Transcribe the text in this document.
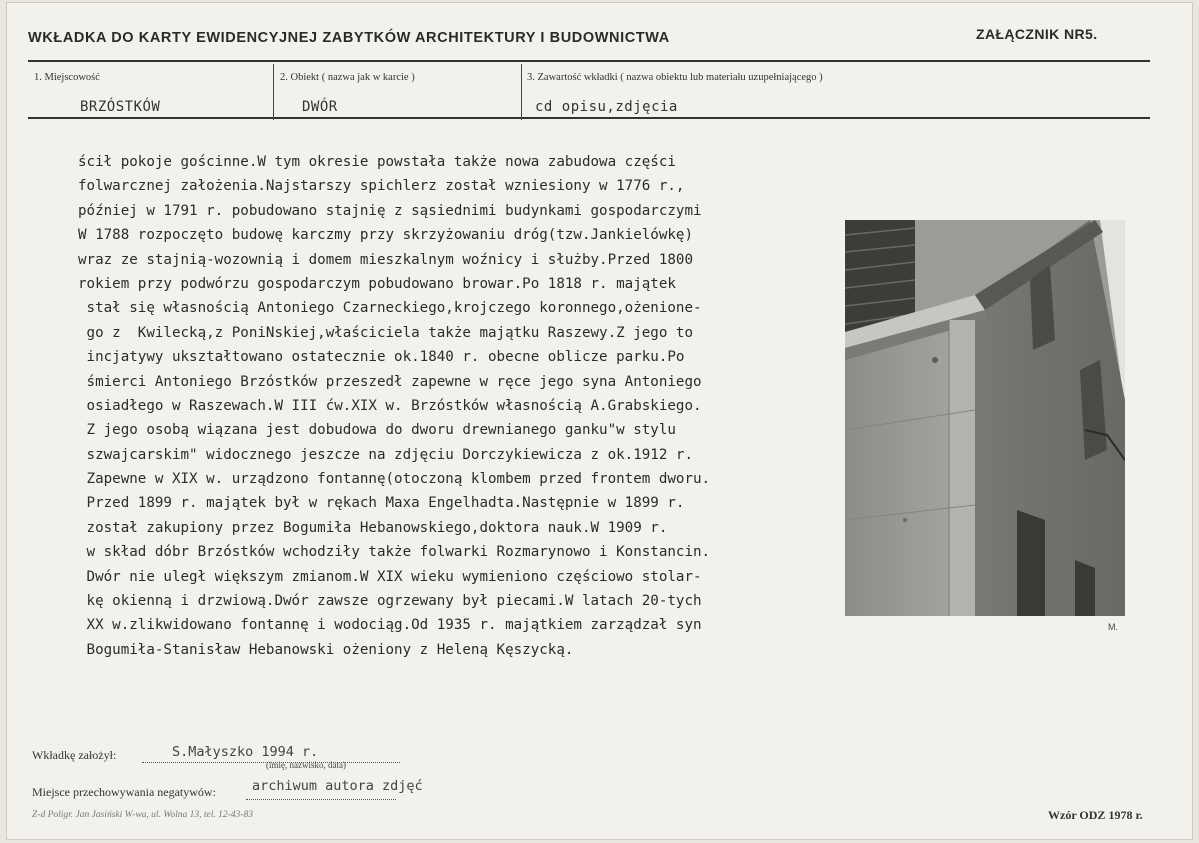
WKŁADKA DO KARTY EWIDENCYJNEJ ZABYTKÓW ARCHITEKTURY I BUDOWNICTWA	ZAŁĄCZNIK NR5.
1. Miejscowość
BRZÓSTKÓW
2. Obiekt ( nazwa jak w karcie )
DWÓR
3. Zawartość wkładki ( nazwa obiektu lub materiału uzupełniającego )
cd opisu,zdjęcia
ścił pokoje gościnne.W tym okresie powstała także nowa zabudowa części
folwarcznej założenia.Najstarszy spichlerz został wzniesiony w 1776 r.,
później w 1791 r. pobudowano stajnię z sąsiednimi budynkami gospodarczymi
W 1788 rozpoczęto budowę karczmy przy skrzyżowaniu dróg(tzw.Jankielówkę)
wraz ze stajnią-wozownią i domem mieszkalnym woźnicy i służby.Przed 1800
rokiem przy podwórzu gospodarczym pobudowano browar.Po 1818 r. majątek
stał się własnością Antoniego Czarneckiego,krojczego koronnego,ożenione-
go z  Kwilecką,z PoniNskiej,właściciela także majątku Raszewy.Z jego to
incjatywy ukształtowano ostatecznie ok.1840 r. obecne oblicze parku.Po
śmierci Antoniego Brzóstków przeszedł zapewne w ręce jego syna Antoniego
osiadłego w Raszewach.W III ćw.XIX w. Brzóstków własnością A.Grabskiego.
Z jego osobą wiązana jest dobudowa do dworu drewnianego ganku"w stylu
szwajcarskim" widocznego jeszcze na zdjęciu Dorczykiewicza z ok.1912 r.
Zapewne w XIX w. urządzono fontannę(otoczoną klombem przed frontem dworu.
Przed 1899 r. majątek był w rękach Maxa Engelhadta.Następnie w 1899 r.
został zakupiony przez Bogumiła Hebanowskiego,doktora nauk.W 1909 r.
w skład dóbr Brzóstków wchodziły także folwarki Rozmarynowo i Konstancin.
Dwór nie uległ większym zmianom.W XIX wieku wymieniono częściowo stolar-
kę okienną i drzwiową.Dwór zawsze ogrzewany był piecami.W latach 20-tych
XX w.zlikwidowano fontannę i wodociąg.Od 1935 r. majątkiem zarządzał syn
Bogumiła-Stanisław Hebanowski ożeniony z Heleną Kęszycką.
M.
Wkładkę założył:	S.Małyszko 1994 r.
(imię, nazwisko, data)
Miejsce przechowywania negatywów:	archiwum autora zdjęć
Z-d Poligr. Jan Jasiński W-wa, ul. Wolna 13, tel. 12-43-83	Wzór ODZ 1978 r.
